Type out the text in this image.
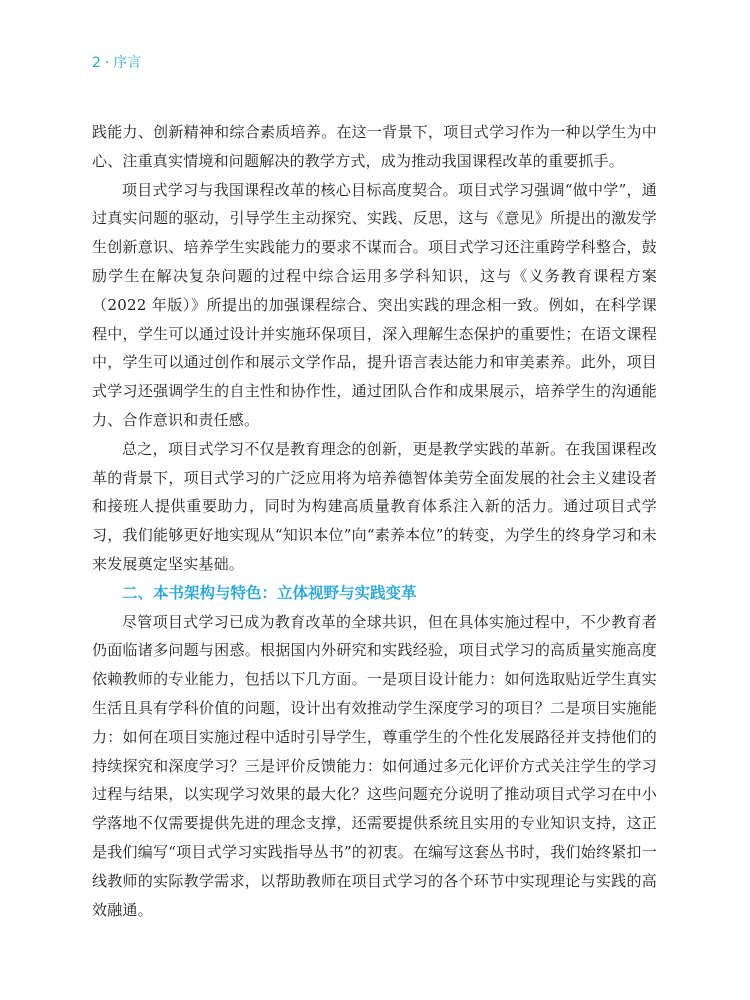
2 · 序言

践能力、创新精神和综合素质培养。在这一背景下，项目式学习作为一种以学生为中心、注重真实情境和问题解决的教学方式，成为推动我国课程改革的重要抓手。

项目式学习与我国课程改革的核心目标高度契合。项目式学习强调“做中学”，通过真实问题的驱动，引导学生主动探究、实践、反思，这与《意见》所提出的激发学生创新意识、培养学生实践能力的要求不谋而合。项目式学习还注重跨学科整合，鼓励学生在解决复杂问题的过程中综合运用多学科知识，这与《义务教育课程方案（2022 年版）》所提出的加强课程综合、突出实践的理念相一致。例如，在科学课程中，学生可以通过设计并实施环保项目，深入理解生态保护的重要性；在语文课程中，学生可以通过创作和展示文学作品，提升语言表达能力和审美素养。此外，项目式学习还强调学生的自主性和协作性，通过团队合作和成果展示，培养学生的沟通能力、合作意识和责任感。

总之，项目式学习不仅是教育理念的创新，更是教学实践的革新。在我国课程改革的背景下，项目式学习的广泛应用将为培养德智体美劳全面发展的社会主义建设者和接班人提供重要助力，同时为构建高质量教育体系注入新的活力。通过项目式学习，我们能够更好地实现从“知识本位”向“素养本位”的转变，为学生的终身学习和未来发展奠定坚实基础。

二、本书架构与特色：立体视野与实践变革

尽管项目式学习已成为教育改革的全球共识，但在具体实施过程中，不少教育者仍面临诸多问题与困惑。根据国内外研究和实践经验，项目式学习的高质量实施高度依赖教师的专业能力，包括以下几方面。一是项目设计能力：如何选取贴近学生真实生活且具有学科价值的问题，设计出有效推动学生深度学习的项目？二是项目实施能力：如何在项目实施过程中适时引导学生，尊重学生的个性化发展路径并支持他们的持续探究和深度学习？三是评价反馈能力：如何通过多元化评价方式关注学生的学习过程与结果，以实现学习效果的最大化？这些问题充分说明了推动项目式学习在中小学落地不仅需要提供先进的理念支撑，还需要提供系统且实用的专业知识支持，这正是我们编写“项目式学习实践指导丛书”的初衷。在编写这套丛书时，我们始终紧扣一线教师的实际教学需求，以帮助教师在项目式学习的各个环节中实现理论与实践的高效融通。
